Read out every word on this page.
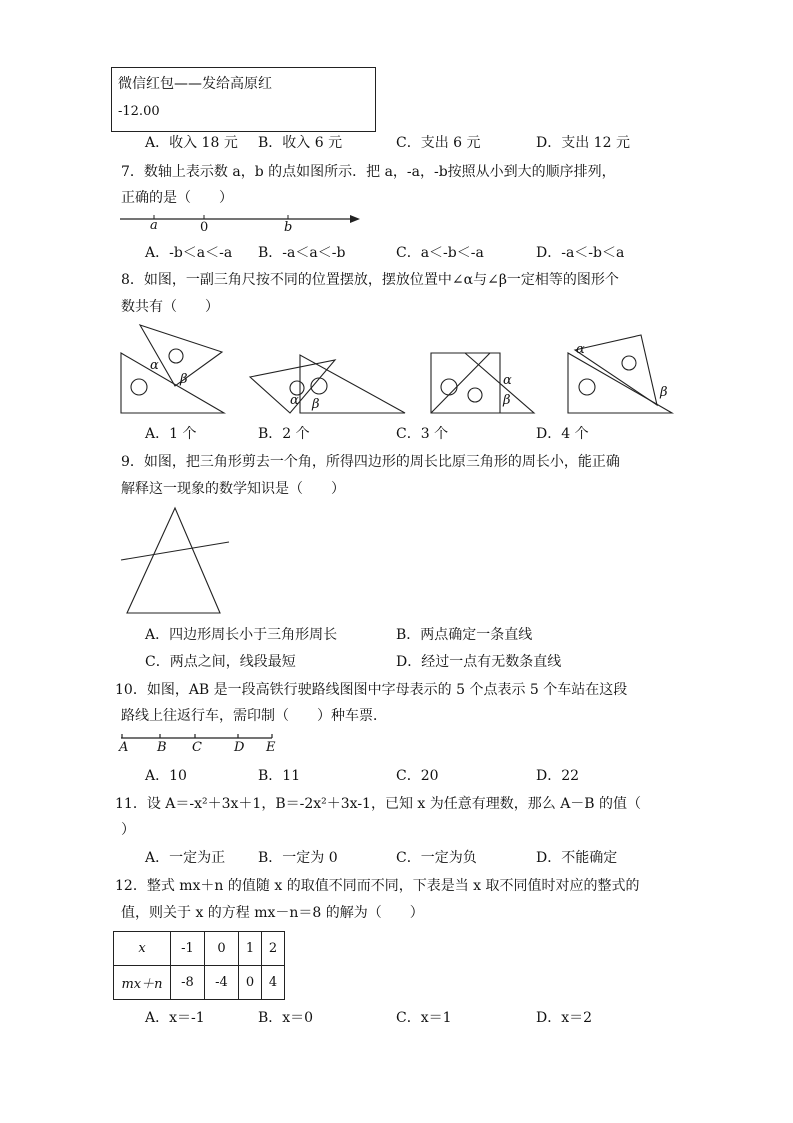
微信红包——发给高原红
-12.00
A．收入 18 元 B．收入 6 元	C．支出 6 元	D．支出 12 元
7．数轴上表示数 a，b 的点如图所示．把 a，-a，-b按照从小到大的顺序排列，
正确的是（　　）
a	0	b
A．-b＜a＜-a B．-a＜a＜-b	C．a＜-b＜-a	D．-a＜-b＜a
8．如图，一副三角尺按不同的位置摆放，摆放位置中∠α与∠β一定相等的图形个
数共有（　　）
α
β
α β
α
β
α
β
A．1 个	B．2 个	C．3 个	D．4 个
9．如图，把三角形剪去一个角，所得四边形的周长比原三角形的周长小，能正确
解释这一现象的数学知识是（　　）
A．四边形周长小于三角形周长	B．两点确定一条直线
C．两点之间，线段最短	D．经过一点有无数条直线
10．如图，AB 是一段高铁行驶路线图图中字母表示的 5 个点表示 5 个车站在这段
路线上往返行车，需印制（　　）种车票．
A B C D E
A．10	B．11	C．20	D．22
11．设 A＝-x²＋3x＋1，B＝-2x²＋3x-1，已知 x 为任意有理数，那么 A－B 的值（
）
A．一定为正 B．一定为 0	C．一定为负	D．不能确定
12．整式 mx＋n 的值随 x 的取值不同而不同，下表是当 x 取不同值时对应的整式的
值，则关于 x 的方程 mx－n＝8 的解为（　　）
x	-1	0	1	2
mx＋n	-8	-4	0	4
A．x＝-1	B．x＝0	C．x＝1	D．x＝2
